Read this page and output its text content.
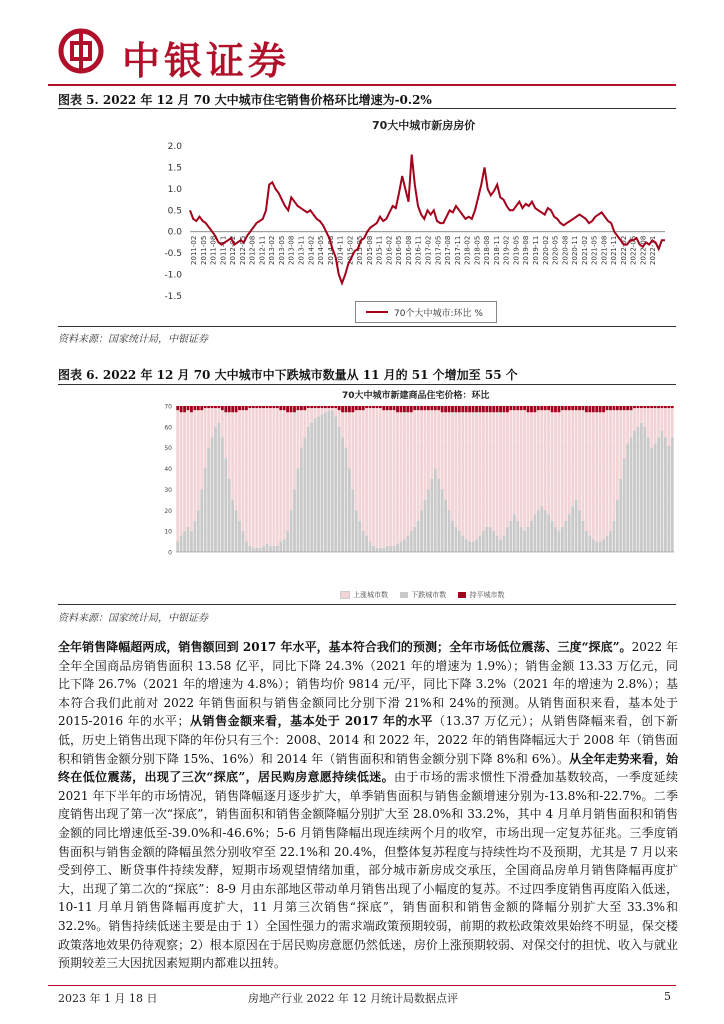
中银证券
图表 5. 2022 年 12 月 70 大中城市住宅销售价格环比增速为-0.2%
70大中城市新房房价
2.0
1.5
1.0
0.5
0.0
-0.5
-1.0
-1.5
2011-02 2011-05 2011-08 2011-11 2012-02 2012-05 2012-08 2012-11 2013-02 2013-05 2013-08 2013-11 2014-02 2014-05 2014-08 2014-11 2015-02 2015-05 2015-08 2015-11 2016-02 2016-05 2016-08 2016-11 2017-02 2017-05 2017-08 2017-11 2018-02 2018-05 2018-08 2018-11 2019-02 2019-05 2019-08 2019-11 2020-02 2020-05 2020-08 2020-11 2021-02 2021-05 2021-08 2021-11 2022-02 2022-05 2022-08 2022-11
70个大中城市:环比 %
资料来源：国家统计局，中银证券
图表 6. 2022 年 12 月 70 大中城市中下跌城市数量从 11 月的 51 个增加至 55 个
70大中城市新建商品住宅价格：环比
70
60
50
40
30
20
10
0
上涨城市数	下跌城市数	持平城市数
资料来源：国家统计局，中银证券
全年销售降幅超两成，销售额回到 2017 年水平，基本符合我们的预测；全年市场低位震荡、三度“探底”。2022 年全年全国商品房销售面积 13.58 亿平，同比下降 24.3%（2021 年的增速为 1.9%）；销售金额 13.33 万亿元，同比下降 26.7%（2021 年的增速为 4.8%）；销售均价 9814 元/平，同比下降 3.2%（2021 年的增速为 2.8%）；基本符合我们此前对 2022 年销售面积与销售金额同比分别下滑 21%和 24%的预测。从销售面积来看，基本处于 2015-2016 年的水平；从销售金额来看，基本处于 2017 年的水平（13.37 万亿元）；从销售降幅来看，创下新低，历史上销售出现下降的年份只有三个：2008、2014 和 2022 年，2022 年的销售降幅远大于 2008 年（销售面积和销售金额分别下降 15%、16%）和 2014 年（销售面积和销售金额分别下降 8%和 6%）。从全年走势来看，始终在低位震荡，出现了三次“探底”，居民购房意愿持续低迷。由于市场的需求惯性下滑叠加基数较高，一季度延续 2021 年下半年的市场情况，销售降幅逐月逐步扩大，单季销售面积与销售金额增速分别为-13.8%和-22.7%。二季度销售出现了第一次“探底”，销售面积和销售金额降幅分别扩大至 28.0%和 33.2%，其中 4 月单月销售面积和销售金额的同比增速低至-39.0%和-46.6%；5-6 月销售降幅出现连续两个月的收窄，市场出现一定复苏征兆。三季度销售面积与销售金额的降幅虽然分别收窄至 22.1%和 20.4%，但整体复苏程度与持续性均不及预期，尤其是 7 月以来受到停工、断贷事件持续发酵，短期市场观望情绪加重，部分城市新房成交承压，全国商品房单月销售降幅再度扩大，出现了第二次的“探底”：8-9 月由东部地区带动单月销售出现了小幅度的复苏。不过四季度销售再度陷入低迷，10-11 月单月销售降幅再度扩大，11 月第三次销售“探底”，销售面积和销售金额的降幅分别扩大至 33.3%和 32.2%。销售持续低迷主要是由于 1）全国性强力的需求端政策预期较弱，前期的救松政策效果始终不明显，保交楼政策落地效果仍待观察；2）根本原因在于居民购房意愿仍然低迷，房价上涨预期较弱、对保交付的担忧、收入与就业预期较差三大因扰因素短期内都难以扭转。
2023 年 1 月 18 日	房地产行业 2022 年 12 月统计局数据点评	5
